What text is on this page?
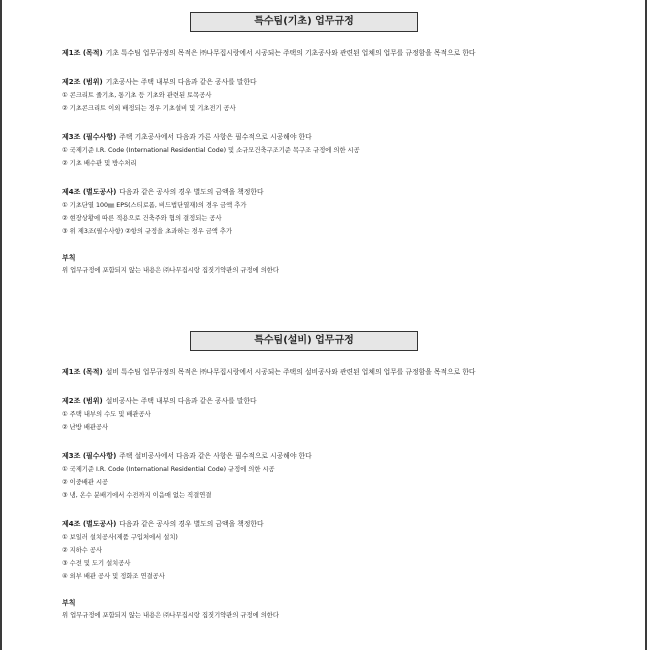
특수팀(기초) 업무규정
제1조 (목적) 기초 특수팀 업무규정의 목적은 ㈜나무집시랑에서 시공되는 주택의 기초공사와 관련된 업체의 업무를 규정함을 목적으로 한다
제2조 (범위) 기초공사는 주택 내부의 다음과 같은 공사를 말한다
① 콘크리트 줄기초, 통기초 등 기초와 관련된 토목공사
② 기초콘크리트 이외 배정되는 경우 기초설비 및 기초전기 공사
제3조 (필수사항) 주택 기초공사에서 다음과 가른 사항은 필수적으로 시공해야 한다
① 국제기준 I.R. Code (International Residential Code) 및 소규모건축구조기준 목구조 규정에 의한 시공
② 기초 배수관 및 방수처리
제4조 (별도공사) 다음과 같은 공사의 경우 별도의 금액을 책정한다
① 기초단열 100㎜ EPS(스티로폼, 비드법단열재)의 경우 금액 추가
② 현장상황에 따른 적용으로 건축주와 협의 결정되는 공사
③ 위 제3조(필수사항) ②항의 규정을 초과하는 경우 금액 추가
부칙
위 업무규정에 포함되지 않는 내용은 ㈜나무집시랑 집짓기약관의 규정에 의한다
특수팀(설비) 업무규정
제1조 (목적) 설비 특수팀 업무규정의 목적은 ㈜나무집시랑에서 시공되는 주택의 설비공사와 관련된 업체의 업무를 규정함을 목적으로 한다
제2조 (범위) 설비공사는 주택 내부의 다음과 같은 공사를 말한다
① 주택 내부의 수도 및 배관공사
② 난방 배관공사
제3조 (필수사항) 주택 설비공사에서 다음과 같은 사항은 필수적으로 시공해야 한다
① 국제기준 I.R. Code (International Residential Code) 규정에 의한 시공
② 이중배관 시공
③ 냉, 온수 분배기에서 수전까지 이음매 없는 직결연결
제4조 (별도공사) 다음과 같은 공사의 경우 별도의 금액을 책정한다
① 보일러 설치공사(제품 구입처에서 설치)
② 지하수 공사
③ 수전 및 도기 설치공사
④ 외부 배관 공사 및 정화조 연결공사
부칙
위 업무규정에 포함되지 않는 내용은 ㈜나무집시랑 집짓기약관의 규정에 의한다
